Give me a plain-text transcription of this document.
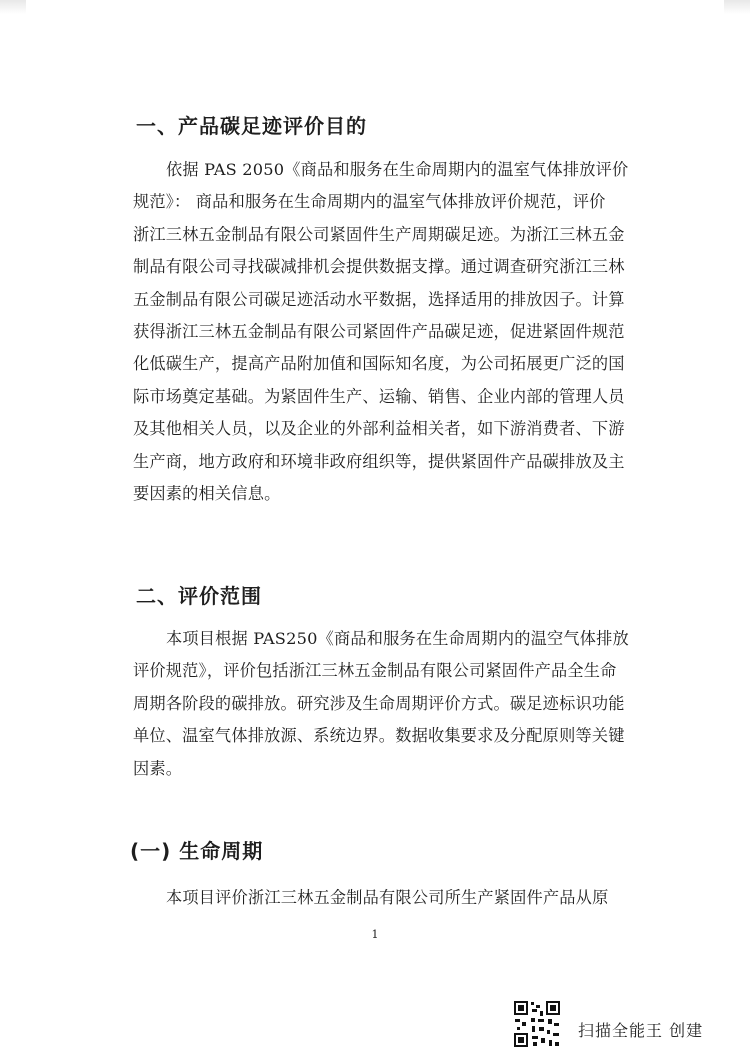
一、产品碳足迹评价目的
依据 PAS 2050《商品和服务在生命周期内的温室气体排放评价
规范》： 商品和服务在生命周期内的温室气体排放评价规范，评价
浙江三林五金制品有限公司紧固件生产周期碳足迹。为浙江三林五金
制品有限公司寻找碳减排机会提供数据支撑。通过调查研究浙江三林
五金制品有限公司碳足迹活动水平数据，选择适用的排放因子。计算
获得浙江三林五金制品有限公司紧固件产品碳足迹，促进紧固件规范
化低碳生产，提高产品附加值和国际知名度，为公司拓展更广泛的国
际市场奠定基础。为紧固件生产、运输、销售、企业内部的管理人员
及其他相关人员，以及企业的外部利益相关者，如下游消费者、下游
生产商，地方政府和环境非政府组织等，提供紧固件产品碳排放及主
要因素的相关信息。
二、评价范围
本项目根据 PAS250《商品和服务在生命周期内的温空气体排放
评价规范》，评价包括浙江三林五金制品有限公司紧固件产品全生命
周期各阶段的碳排放。研究涉及生命周期评价方式。碳足迹标识功能
单位、温室气体排放源、系统边界。数据收集要求及分配原则等关键
因素。
(一) 生命周期
本项目评价浙江三林五金制品有限公司所生产紧固件产品从原
1
扫描全能王 创建
